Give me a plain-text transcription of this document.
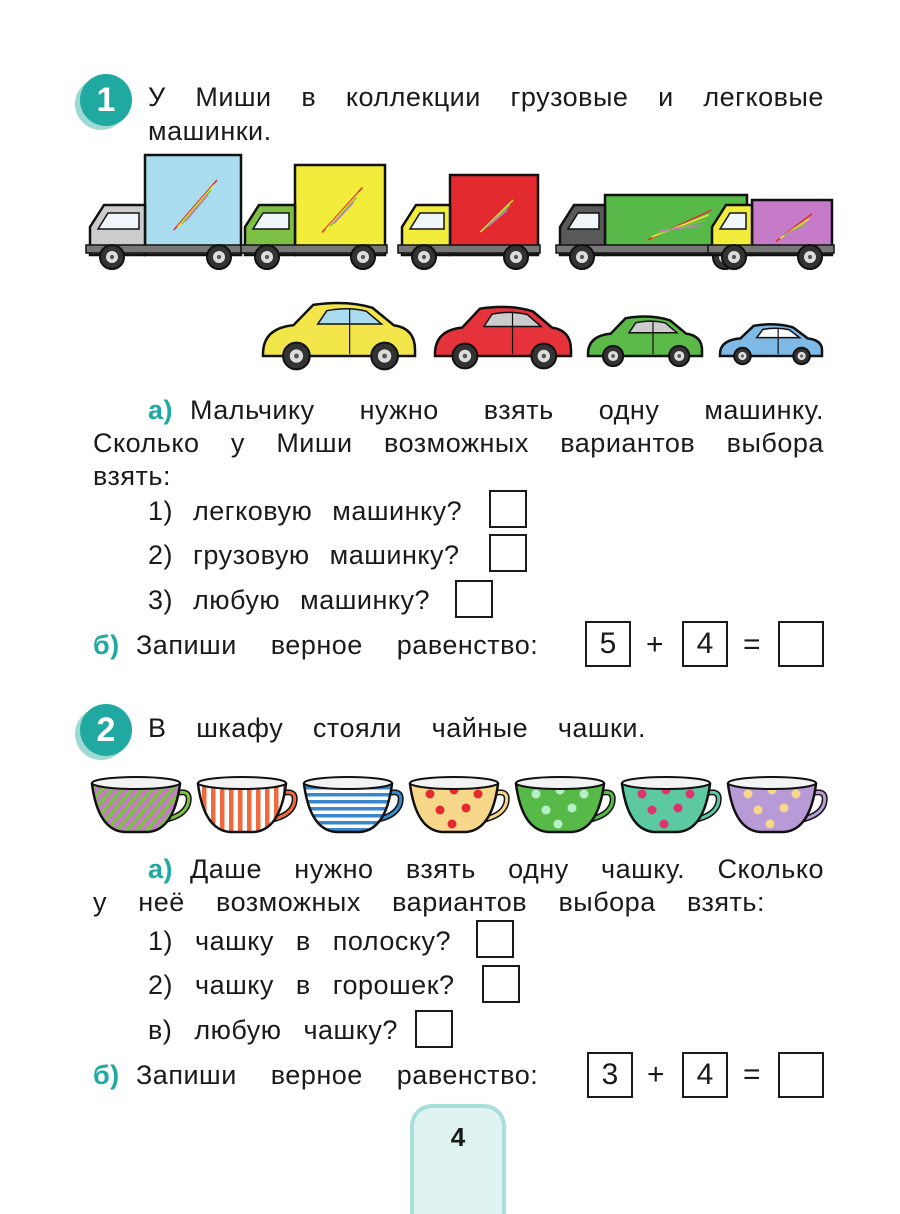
1	У Миши в коллекции грузовые и легковые
машинки.
а) Мальчику нужно взять одну машинку.
Сколько у Миши возможных вариантов выбора
взять:
1) легковую машинку?
2) грузовую машинку?
3) любую машинку?
б) Запиши верное равенство:	5 +	4 =
2	В шкафу стояли чайные чашки.
а) Даше нужно взять одну чашку. Сколько
у неё возможных вариантов выбора взять:
1) чашку в полоску?
2) чашку в горошек?
в) любую чашку?
б) Запиши верное равенство:	3 +	4 =
4
